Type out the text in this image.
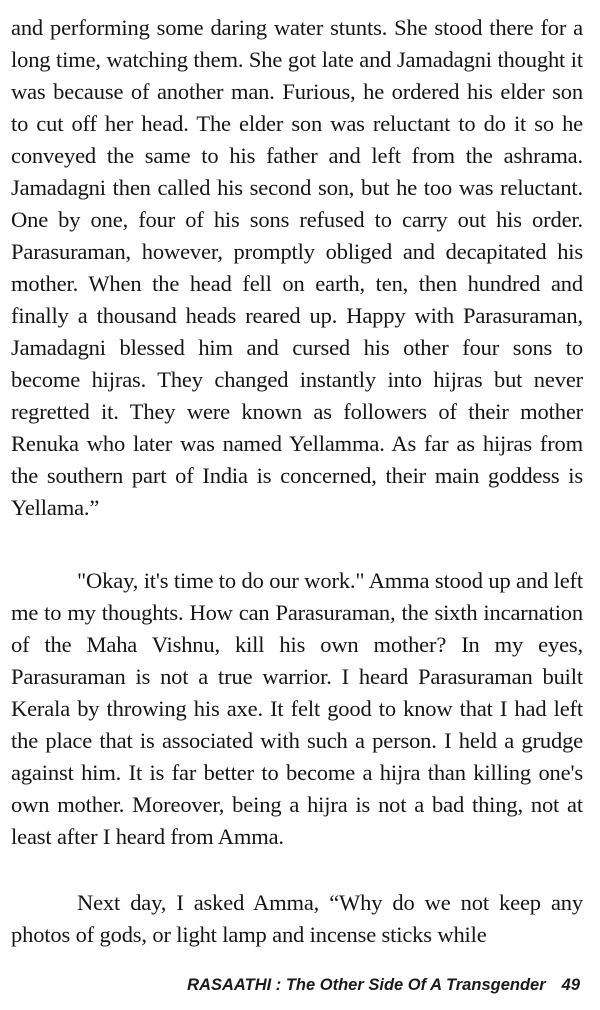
and performing some daring water stunts. She stood there for a long time, watching them. She got late and Jamadagni thought it was because of another man. Furious, he ordered his elder son to cut off her head. The elder son was reluctant to do it so he conveyed the same to his father and left from the ashrama. Jamadagni then called his second son, but he too was reluctant. One by one, four of his sons refused to carry out his order. Parasuraman, however, promptly obliged and decapitated his mother. When the head fell on earth, ten, then hundred and finally a thousand heads reared up. Happy with Parasuraman, Jamadagni blessed him and cursed his other four sons to become hijras. They changed instantly into hijras but never regretted it. They were known as followers of their mother Renuka who later was named Yellamma. As far as hijras from the southern part of India is concerned, their main goddess is Yellama.”

"Okay, it's time to do our work." Amma stood up and left me to my thoughts. How can Parasuraman, the sixth incarnation of the Maha Vishnu, kill his own mother? In my eyes, Parasuraman is not a true warrior. I heard Parasuraman built Kerala by throwing his axe. It felt good to know that I had left the place that is associated with such a person. I held a grudge against him. It is far better to become a hijra than killing one's own mother. Moreover, being a hijra is not a bad thing, not at least after I heard from Amma.

Next day, I asked Amma, “Why do we not keep any photos of gods, or light lamp and incense sticks while

RASAATHI : The Other Side Of A Transgender 49
